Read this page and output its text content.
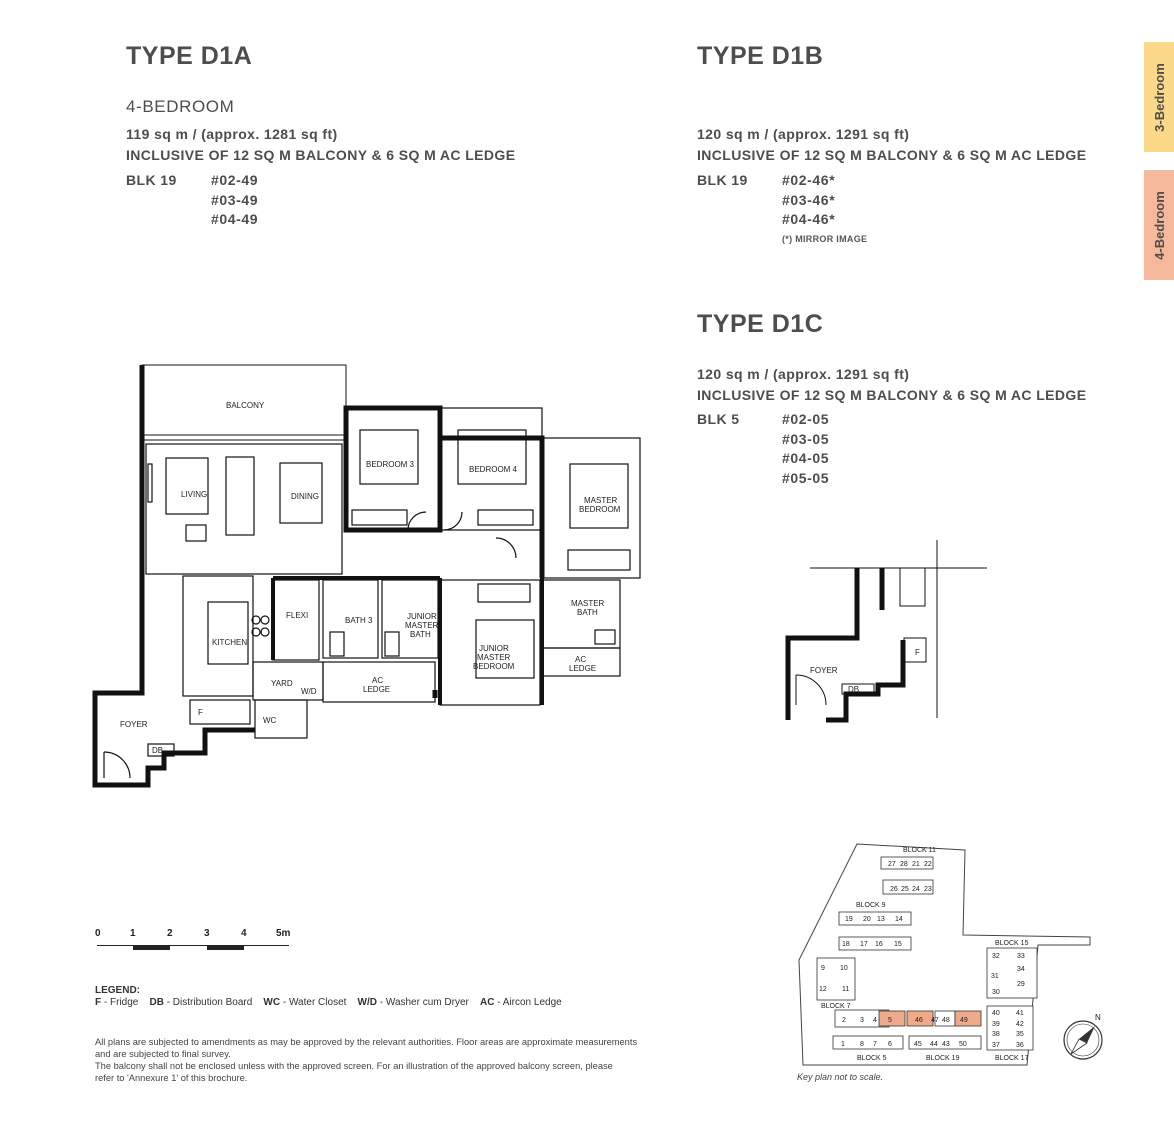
TYPE D1A
4-BEDROOM
119 sq m / (approx. 1281 sq ft)
INCLUSIVE OF 12 SQ M BALCONY & 6 SQ M AC LEDGE
BLK 19 #02-49
#03-49
#04-49
TYPE D1B
120 sq m / (approx. 1291 sq ft)
INCLUSIVE OF 12 SQ M BALCONY & 6 SQ M AC LEDGE
BLK 19 #02-46*
#03-46*
#04-46*
(*) MIRROR IMAGE
TYPE D1C
120 sq m / (approx. 1291 sq ft)
INCLUSIVE OF 12 SQ M BALCONY & 6 SQ M AC LEDGE
BLK 5	#02-05
#03-05
#04-05
#05-05
3-Bedroom
4-Bedroom
BALCONY
LIVING	DINING
BEDROOM 3
BEDROOM 4
MASTER
BEDROOM
KITCHEN
FLEXI
BATH 3	JUNIOR
MASTER
BATH
MASTER
BATH
JUNIOR
MASTER
BEDROOM
AC
LEDGE
AC
LEDGE
YARD
W/D
WC
F
FOYER
DB
FOYER
DB
F
0	1	2	3	4	5m
LEGEND:
F - Fridge DB - Distribution Board WC - Water Closet W/D - Washer cum Dryer AC - Aircon Ledge
All plans are subjected to amendments as may be approved by the relevant authorities. Floor areas are approximate measurements
and are subjected to final survey.
The balcony shall not be enclosed unless with the approved screen. For an illustration of the approved balcony screen, please
refer to 'Annexure 1' of this brochure.
27 28 21 22
26 25 24 23
BLOCK 11
BLOCK 9
19 20 13 14
18 17 16 15
9 10
12 11
BLOCK 7
BLOCK 15
32 33
34
31
29
30
2 3 4 5	46 47 48 49
1 8 7 6	45 44 43 50
BLOCK 5	BLOCK 19
40 41
39 42
38 35
37 36
BLOCK 17
N
Key plan not to scale.
